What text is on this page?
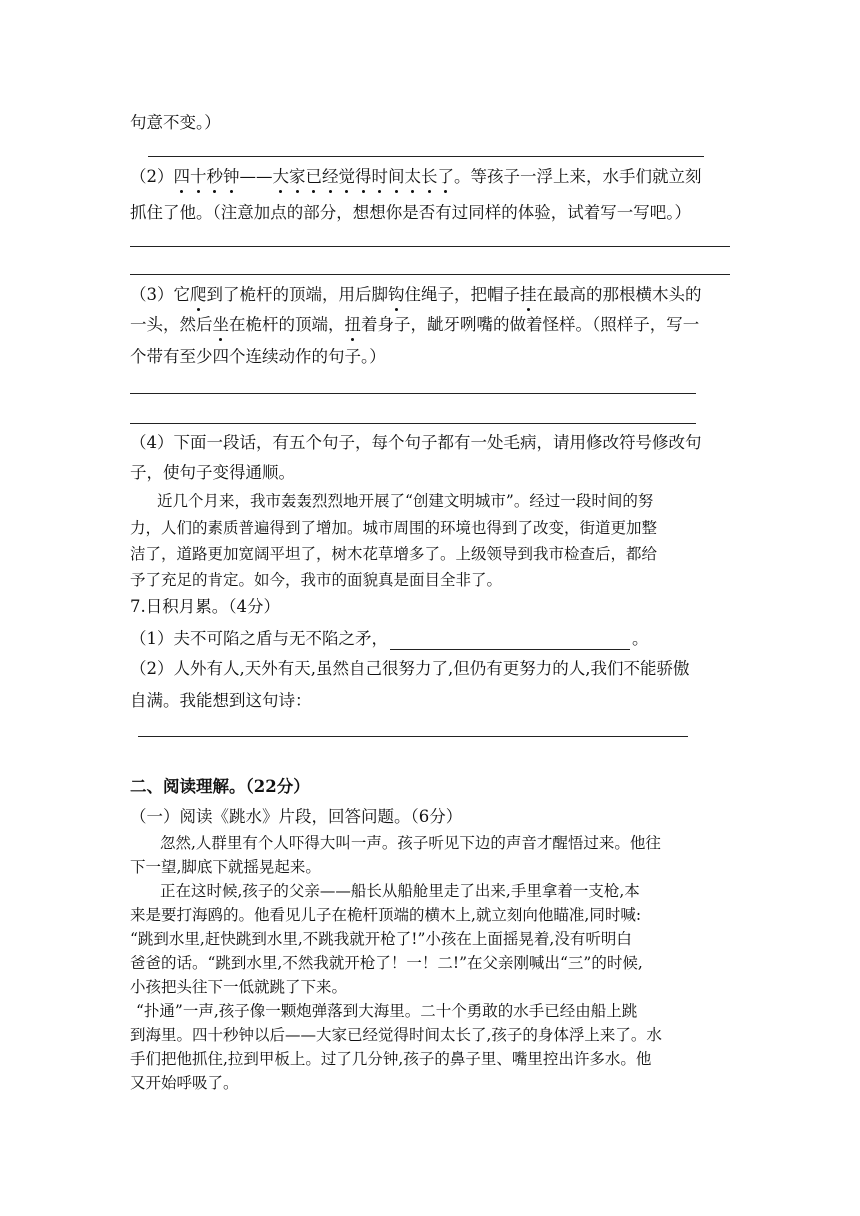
句意不变。）
（2）四十秒钟——大家已经觉得时间太长了。等孩子一浮上来，水手们就立刻
抓住了他。（注意加点的部分，想想你是否有过同样的体验，试着写一写吧。）
（3）它爬到了桅杆的顶端，用后脚钩住绳子，把帽子挂在最高的那根横木头的
一头，然后坐在桅杆的顶端，扭着身子，龇牙咧嘴的做着怪样。（照样子，写一
个带有至少四个连续动作的句子。）
（4）下面一段话，有五个句子，每个句子都有一处毛病，请用修改符号修改句
子，使句子变得通顺。
近几个月来，我市轰轰烈烈地开展了“创建文明城市”。经过一段时间的努
力，人们的素质普遍得到了增加。城市周围的环境也得到了改变，街道更加整
洁了，道路更加宽阔平坦了，树木花草增多了。上级领导到我市检查后，都给
予了充足的肯定。如今，我市的面貌真是面目全非了。
7.日积月累。（4分）
（1）夫不可陷之盾与无不陷之矛，	。
（2）人外有人,天外有天,虽然自己很努力了,但仍有更努力的人,我们不能骄傲
自满。我能想到这句诗：
二、阅读理解。（22分）
（一）阅读《跳水》片段，回答问题。（6分）
忽然,人群里有个人吓得大叫一声。孩子听见下边的声音才醒悟过来。他往
下一望,脚底下就摇晃起来。
正在这时候,孩子的父亲——船长从船舱里走了出来,手里拿着一支枪,本
来是要打海鸥的。他看见儿子在桅杆顶端的横木上,就立刻向他瞄准,同时喊:
“跳到水里,赶快跳到水里,不跳我就开枪了!”小孩在上面摇晃着,没有听明白
爸爸的话。“跳到水里,不然我就开枪了！一！二!”在父亲刚喊出“三”的时候,
小孩把头往下一低就跳了下来。
“扑通”一声,孩子像一颗炮弹落到大海里。二十个勇敢的水手已经由船上跳
到海里。四十秒钟以后——大家已经觉得时间太长了,孩子的身体浮上来了。水
手们把他抓住,拉到甲板上。过了几分钟,孩子的鼻子里、嘴里控出许多水。他
又开始呼吸了。
